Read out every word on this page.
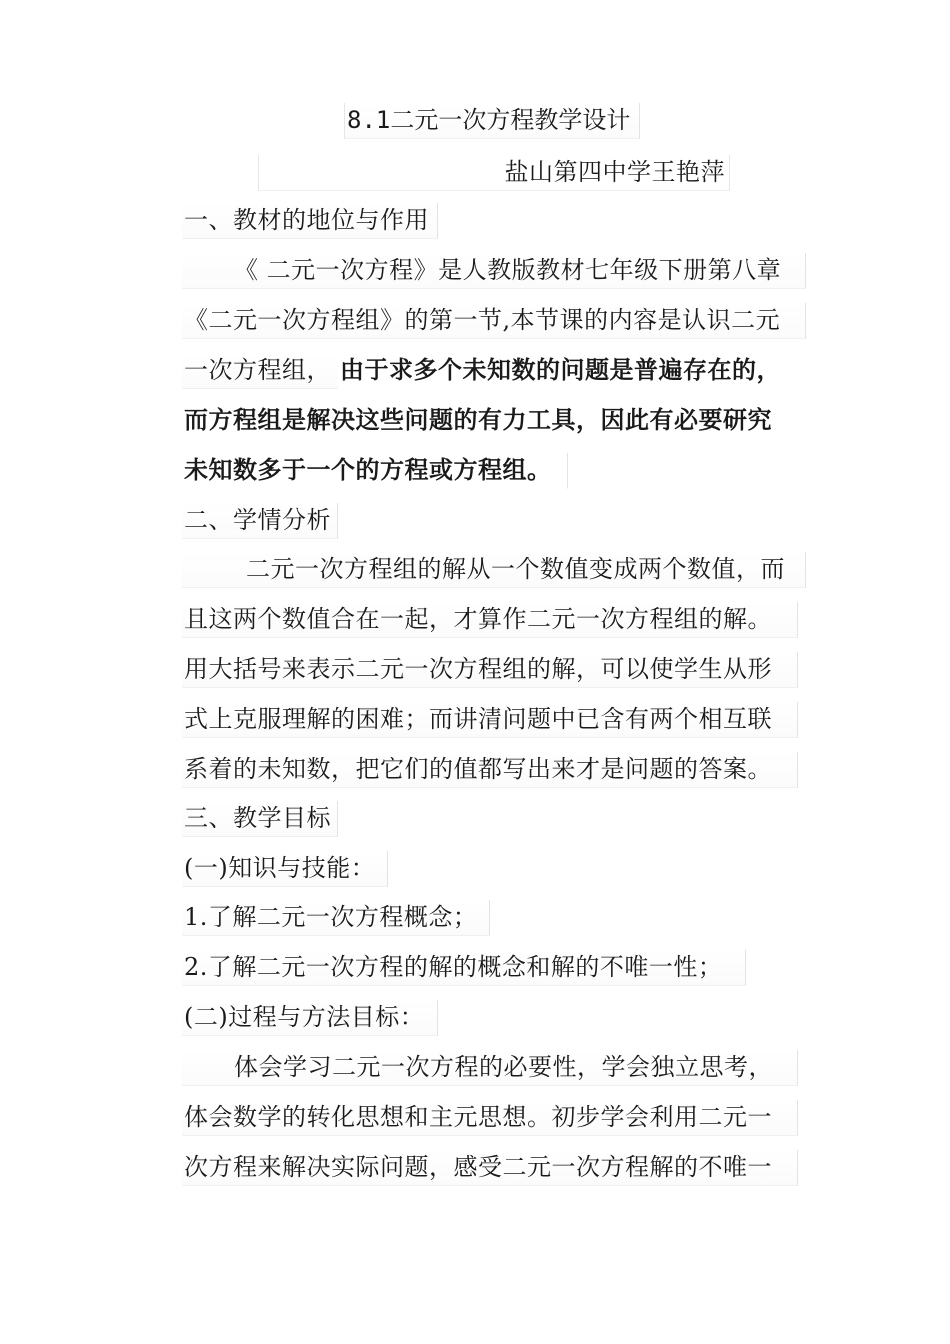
8.1二元一次方程教学设计
盐山第四中学王艳萍
一、教材的地位与作用
《 二元一次方程》是人教版教材七年级下册第八章
《二元一次方程组》的第一节,本节课的内容是认识二元
一次方程组， 由于求多个未知数的问题是普遍存在的，
而方程组是解决这些问题的有力工具，因此有必要研究
未知数多于一个的方程或方程组。
二、学情分析
二元一次方程组的解从一个数值变成两个数值，而
且这两个数值合在一起，才算作二元一次方程组的解。
用大括号来表示二元一次方程组的解，可以使学生从形
式上克服理解的困难；而讲清问题中已含有两个相互联
系着的未知数，把它们的值都写出来才是问题的答案。
三、教学目标
(一)知识与技能：
1.了解二元一次方程概念；
2.了解二元一次方程的解的概念和解的不唯一性；
(二)过程与方法目标：
体会学习二元一次方程的必要性，学会独立思考，
体会数学的转化思想和主元思想。初步学会利用二元一
次方程来解决实际问题，感受二元一次方程解的不唯一
